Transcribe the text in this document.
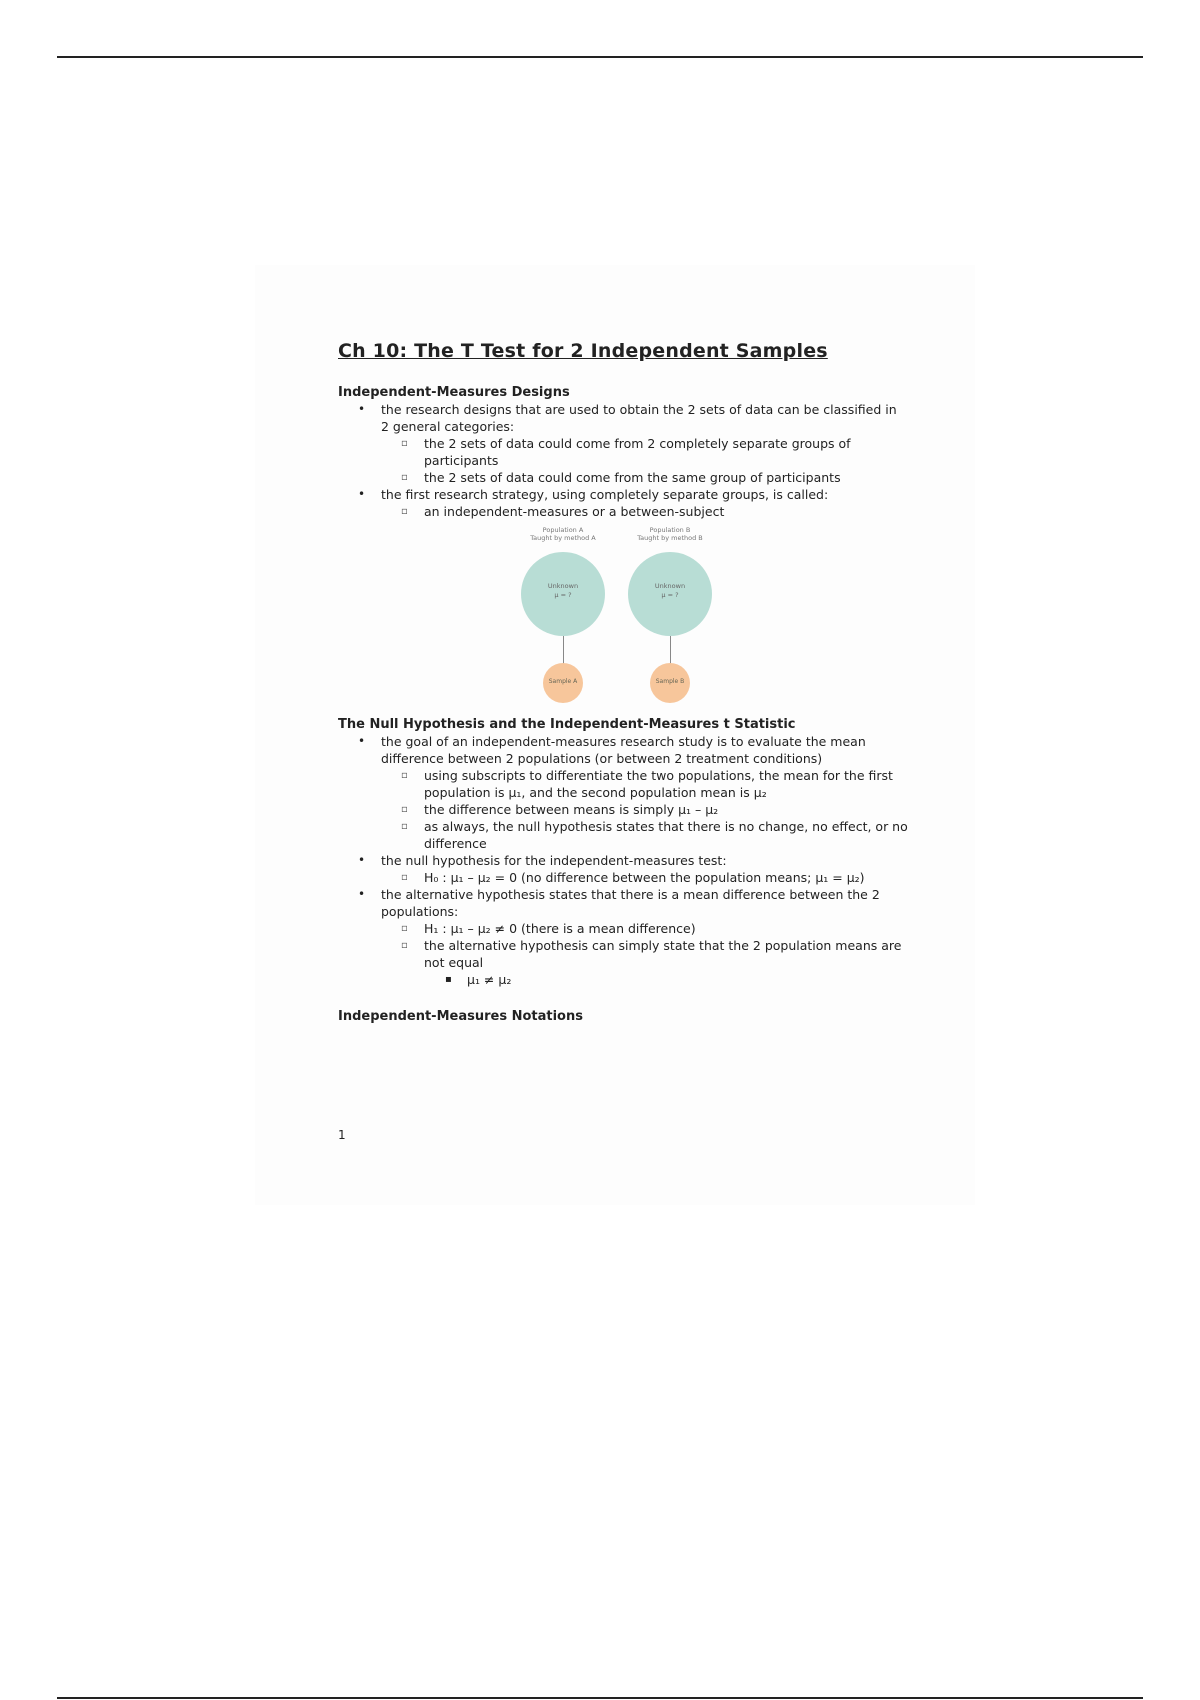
Ch 10: The T Test for 2 Independent Samples
Independent-Measures Designs
• the research designs that are used to obtain the 2 sets of data can be classified in 2 general categories:
▫ the 2 sets of data could come from 2 completely separate groups of participants
▫ the 2 sets of data could come from the same group of participants
• the first research strategy, using completely separate groups, is called:
▫ an independent-measures or a between-subject
Population A
Taught by method A
Population B
Taught by method B
Unknown
μ = ?
Unknown
μ = ?
Sample A	Sample B
The Null Hypothesis and the Independent-Measures t Statistic
• the goal of an independent-measures research study is to evaluate the mean difference between 2 populations (or between 2 treatment conditions)
▫ using subscripts to differentiate the two populations, the mean for the first population is μ₁, and the second population mean is μ₂
▫ the difference between means is simply μ₁ – μ₂
▫ as always, the null hypothesis states that there is no change, no effect, or no difference
• the null hypothesis for the independent-measures test:
▫ H₀ : μ₁ – μ₂ = 0 (no difference between the population means; μ₁ = μ₂)
• the alternative hypothesis states that there is a mean difference between the 2 populations:
▫ H₁ : μ₁ – μ₂ ≠ 0 (there is a mean difference)
▫ the alternative hypothesis can simply state that the 2 population means are not equal
▪ μ₁ ≠ μ₂
Independent-Measures Notations
1
